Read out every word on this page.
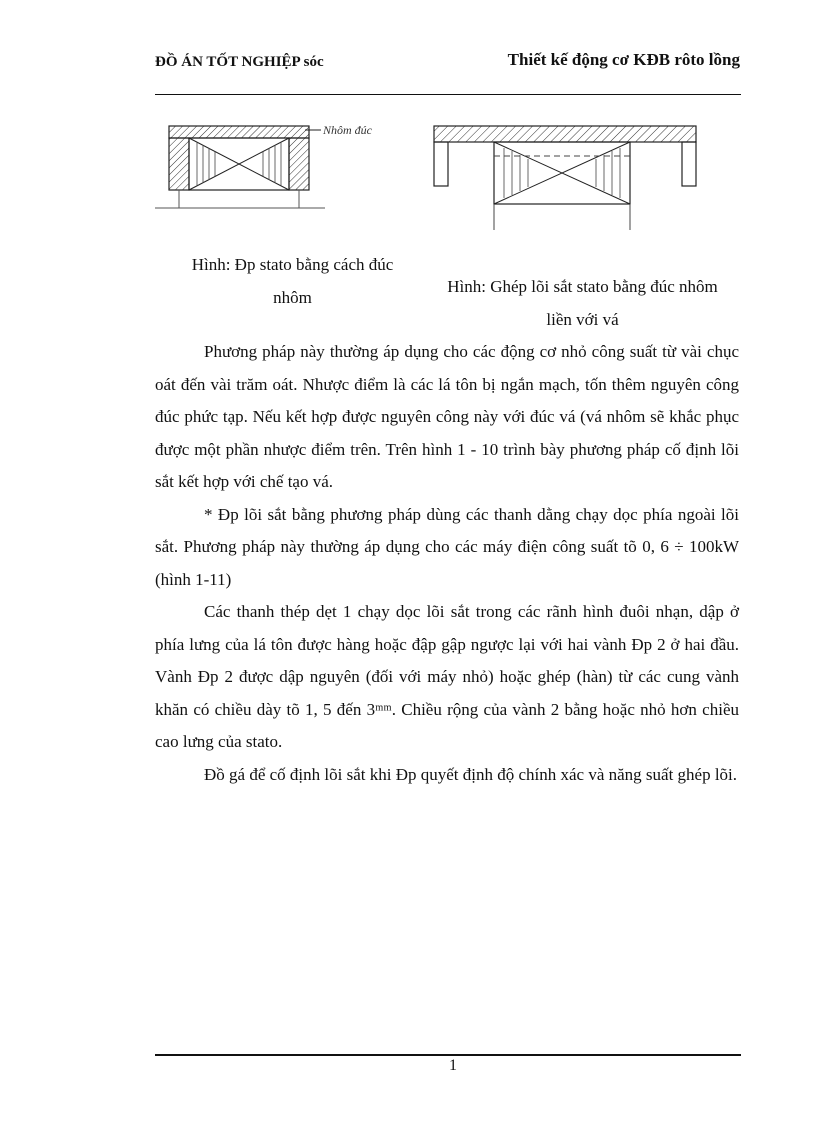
ĐỒ ÁN TỐT NGHIỆP sóc	Thiết kế động cơ KĐB rôto lồng
Nhôm đúc
Hình: Đp stato bằng cách đúc
nhôm
Hình: Ghép lõi sắt stato bằng đúc nhôm
liền với vá

Phương pháp này thường áp dụng cho các động cơ nhỏ công suất từ vài chục oát đến vài trăm oát. Nhược điểm là các lá tôn bị ngắn mạch, tốn thêm nguyên công đúc phức tạp. Nếu kết hợp được nguyên công này với đúc vá (vá nhôm sẽ khắc phục được một phần nhược điểm trên. Trên hình 1 - 10 trình bày phương pháp cố định lõi sắt kết hợp với chế tạo vá.

* Đp lõi sắt bằng phương pháp dùng các thanh dằng chạy dọc phía ngoài lõi sắt. Phương pháp này thường áp dụng cho các máy điện công suất tõ 0, 6 ÷ 100kW (hình 1-11)

Các thanh thép dẹt 1 chạy dọc lõi sắt trong các rãnh hình đuôi nhạn, dập ở phía lưng của lá tôn được hàng hoặc đập gập ngược lại với hai vành Đp 2 ở hai đầu. Vành Đp 2 được dập nguyên (đối với máy nhỏ) hoặc ghép (hàn) từ các cung vành khăn có chiều dày tõ 1, 5 đến 3ᵐᵐ. Chiều rộng của vành 2 bằng hoặc nhỏ hơn chiều cao lưng của stato.

Đồ gá để cố định lõi sắt khi Đp quyết định độ chính xác và năng suất ghép lõi.

1
